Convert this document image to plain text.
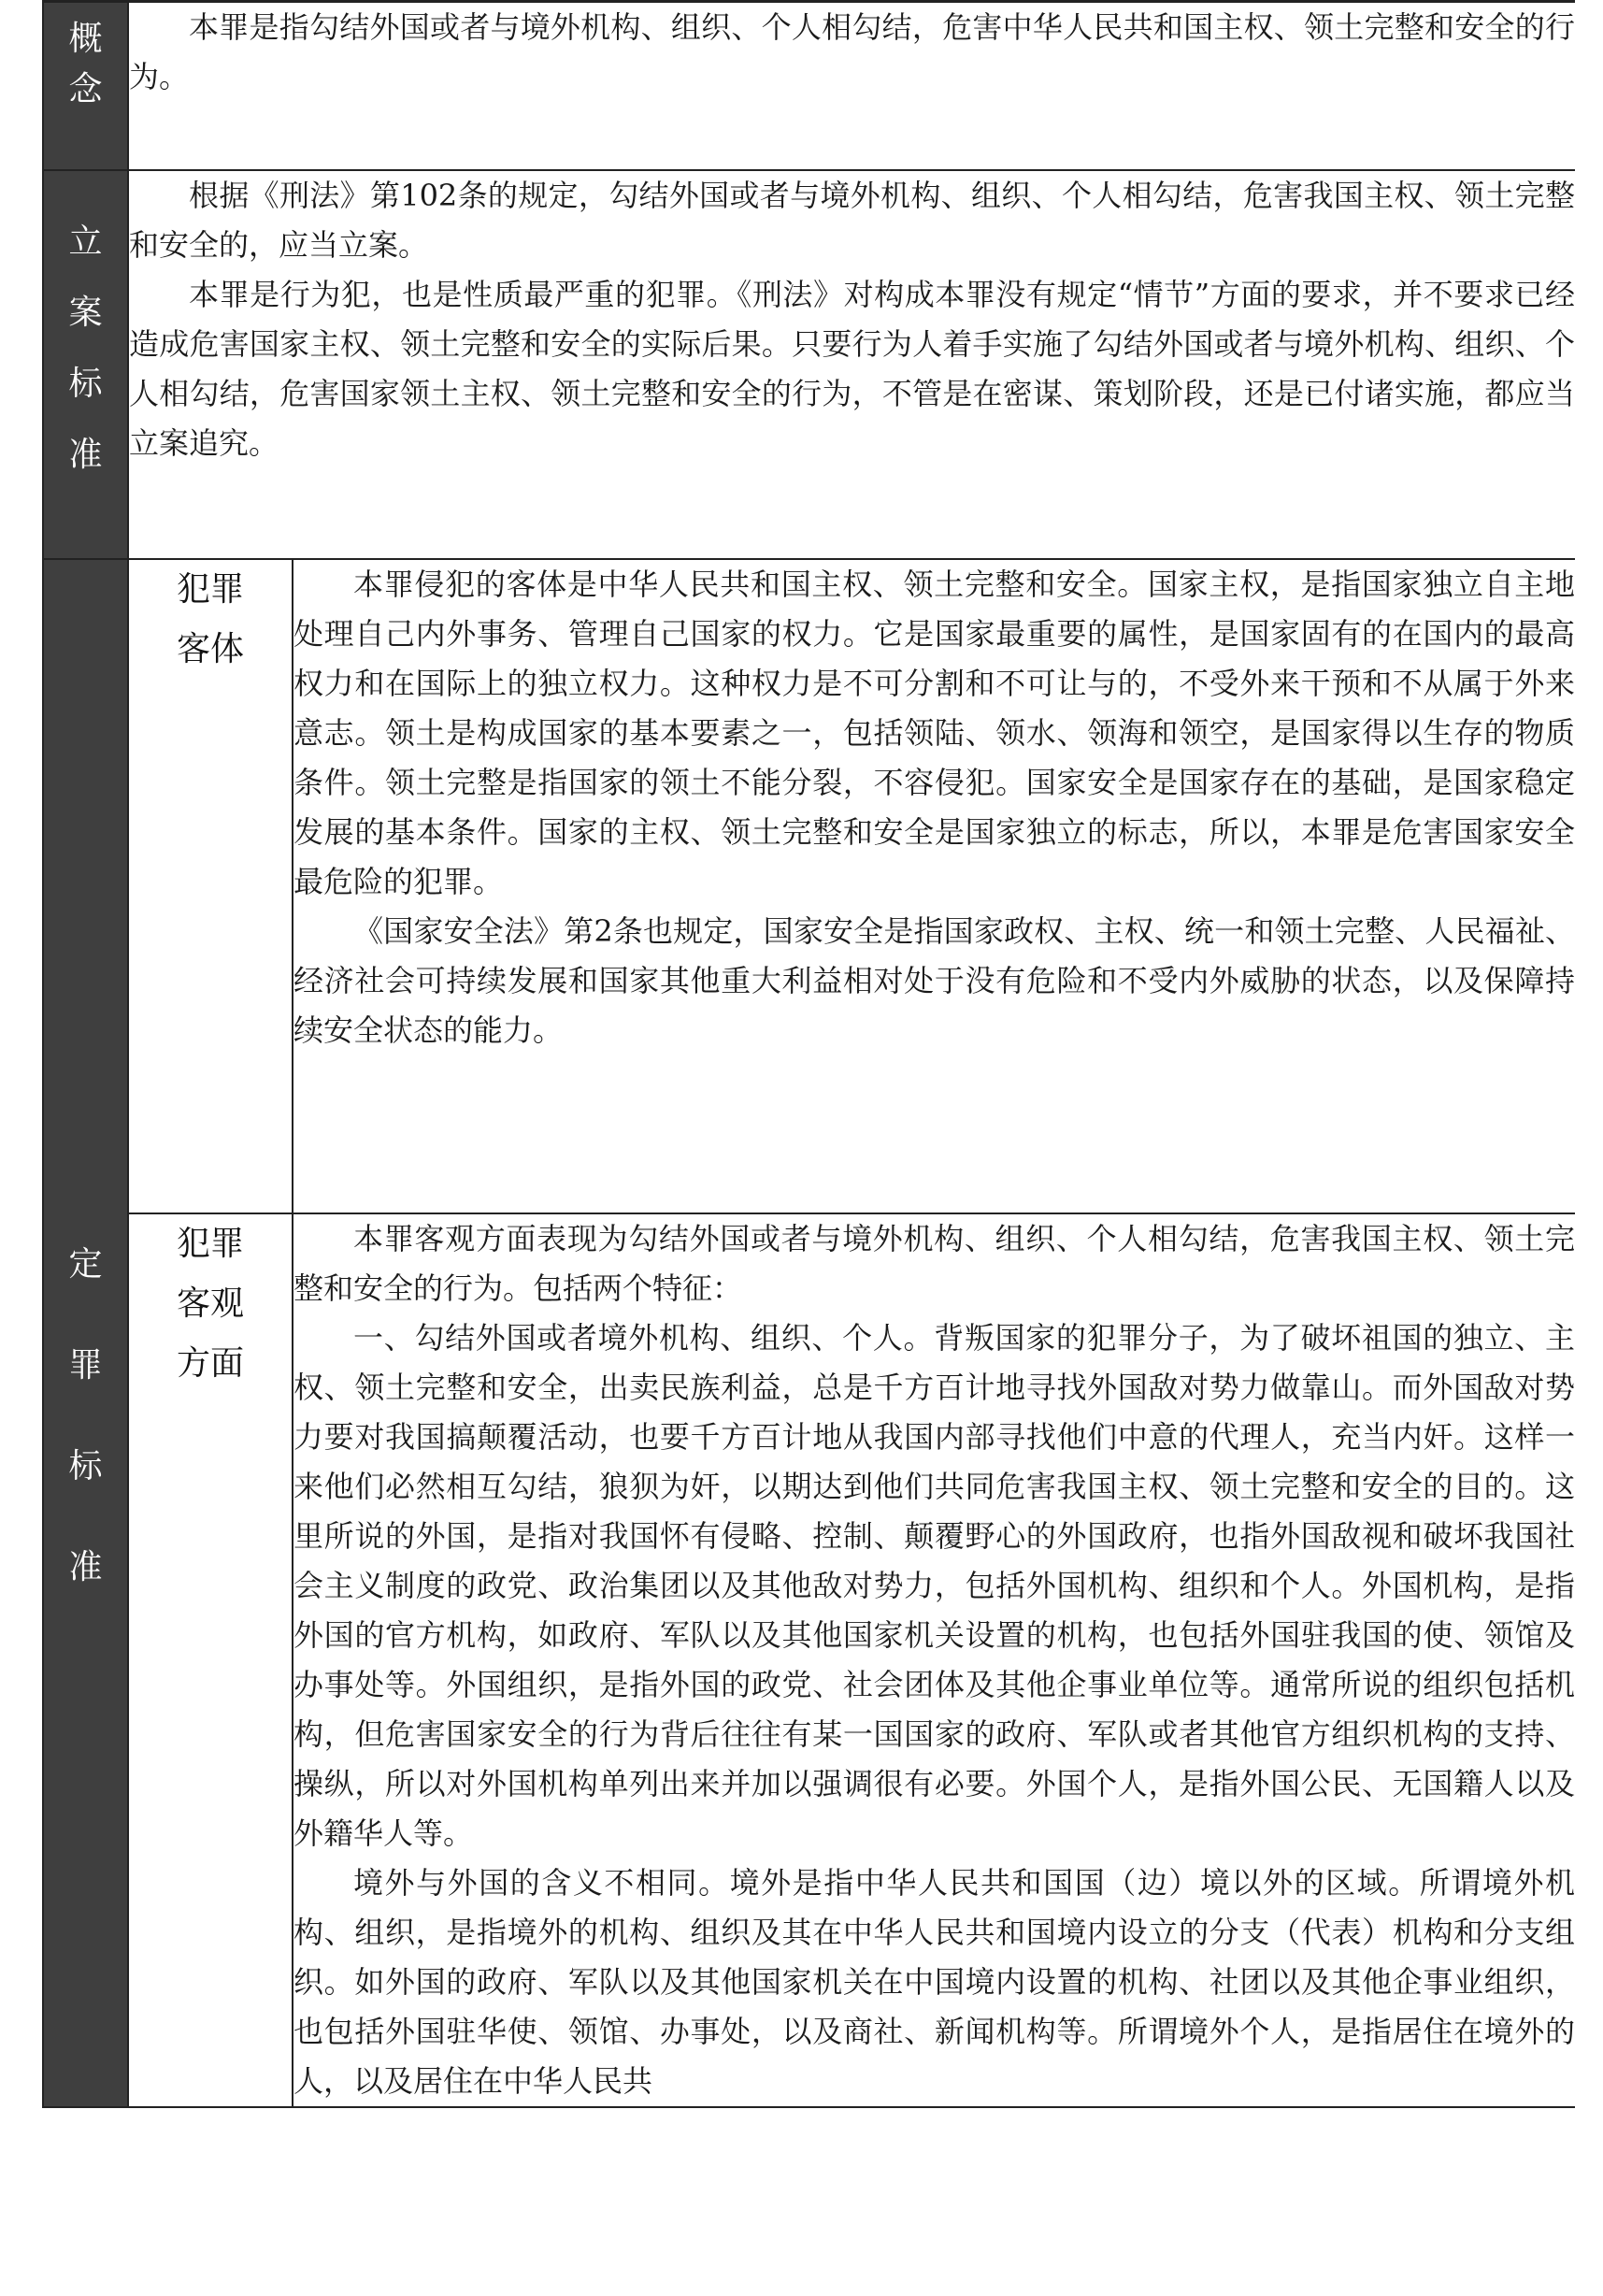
概念	本罪是指勾结外国或者与境外机构、组织、个人相勾结，危害中华人民共和国主权、领土完整和安全的行为。	

立案标准	根据《刑法》第102条的规定，勾结外国或者与境外机构、组织、个人相勾结，危害我国主权、领土完整和安全的，应当立案。

本罪是行为犯，也是性质最严重的犯罪。《刑法》对构成本罪没有规定“情节”方面的要求，并不要求已经造成危害国家主权、领土完整和安全的实际后果。只要行为人着手实施了勾结外国或者与境外机构、组织、个人相勾结，危害国家领土主权、领土完整和安全的行为，不管是在密谋、策划阶段，还是已付诸实施，都应当立案追究。	

定罪标准	犯罪客体	本罪侵犯的客体是中华人民共和国主权、领土完整和安全。国家主权，是指国家独立自主地处理自己内外事务、管理自己国家的权力。它是国家最重要的属性，是国家固有的在国内的最高权力和在国际上的独立权力。这种权力是不可分割和不可让与的，不受外来干预和不从属于外来意志。领土是构成国家的基本要素之一，包括领陆、领水、领海和领空，是国家得以生存的物质条件。领土完整是指国家的领土不能分裂，不容侵犯。国家安全是国家存在的基础，是国家稳定发展的基本条件。国家的主权、领土完整和安全是国家独立的标志，所以，本罪是危害国家安全最危险的犯罪。

《国家安全法》第2条也规定，国家安全是指国家政权、主权、统一和领土完整、人民福祉、经济社会可持续发展和国家其他重大利益相对处于没有危险和不受内外威胁的状态，以及保障持续安全状态的能力。

	犯罪客观方面	本罪客观方面表现为勾结外国或者与境外机构、组织、个人相勾结，危害我国主权、领土完整和安全的行为。包括两个特征：

一、勾结外国或者境外机构、组织、个人。背叛国家的犯罪分子，为了破坏祖国的独立、主权、领土完整和安全，出卖民族利益，总是千方百计地寻找外国敌对势力做靠山。而外国敌对势力要对我国搞颠覆活动，也要千方百计地从我国内部寻找他们中意的代理人，充当内奸。这样一来他们必然相互勾结，狼狈为奸，以期达到他们共同危害我国主权、领土完整和安全的目的。这里所说的外国，是指对我国怀有侵略、控制、颠覆野心的外国政府，也指外国敌视和破坏我国社会主义制度的政党、政治集团以及其他敌对势力，包括外国机构、组织和个人。外国机构，是指外国的官方机构，如政府、军队以及其他国家机关设置的机构，也包括外国驻我国的使、领馆及办事处等。外国组织，是指外国的政党、社会团体及其他企事业单位等。通常所说的组织包括机构，但危害国家安全的行为背后往往有某一国国家的政府、军队或者其他官方组织机构的支持、操纵，所以对外国机构单列出来并加以强调很有必要。外国个人，是指外国公民、无国籍人以及外籍华人等。

境外与外国的含义不相同。境外是指中华人民共和国国（边）境以外的区域。所谓境外机构、组织，是指境外的机构、组织及其在中华人民共和国境内设立的分支（代表）机构和分支组织。如外国的政府、军队以及其他国家机关在中国境内设置的机构、社团以及其他企事业组织，也包括外国驻华使、领馆、办事处，以及商社、新闻机构等。所谓境外个人，是指居住在境外的人，以及居住在中华人民共
